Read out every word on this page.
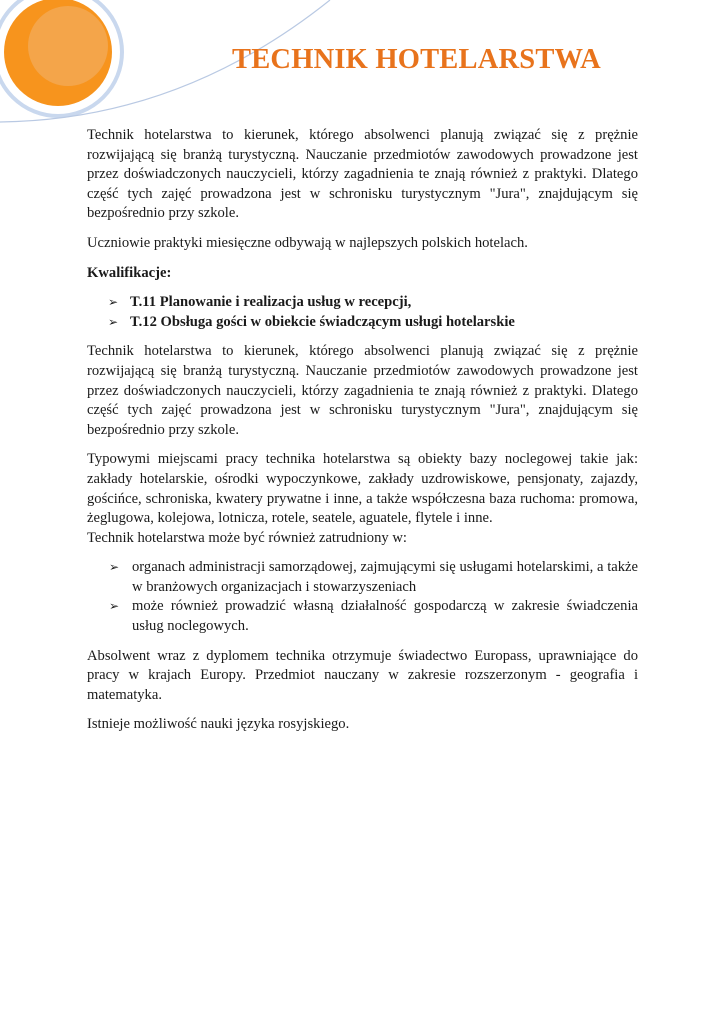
TECHNIK HOTELARSTWA

Technik hotelarstwa to kierunek, którego absolwenci planują związać się z prężnie rozwijającą się branżą turystyczną. Nauczanie przedmiotów zawodowych prowadzone jest przez doświadczonych nauczycieli, którzy zagadnienia te znają również z praktyki. Dlatego część tych zajęć prowadzona jest w schronisku turystycznym "Jura", znajdującym się bezpośrednio przy szkole.

Uczniowie praktyki miesięczne odbywają w najlepszych polskich hotelach.

Kwalifikacje:

➢ T.11 Planowanie i realizacja usług w recepcji,
➢ T.12 Obsługa gości w obiekcie świadczącym usługi hotelarskie

Technik hotelarstwa to kierunek, którego absolwenci planują związać się z prężnie rozwijającą się branżą turystyczną. Nauczanie przedmiotów zawodowych prowadzone jest przez doświadczonych nauczycieli, którzy zagadnienia te znają również z praktyki. Dlatego część tych zajęć prowadzona jest w schronisku turystycznym "Jura", znajdującym się bezpośrednio przy szkole.

Typowymi miejscami pracy technika hotelarstwa są obiekty bazy noclegowej takie jak: zakłady hotelarskie, ośrodki wypoczynkowe, zakłady uzdrowiskowe, pensjonaty, zajazdy, gościńce, schroniska, kwatery prywatne i inne, a także współczesna baza ruchoma: promowa, żeglugowa, kolejowa, lotnicza, rotele, seatele, aguatele, flytele i inne.

Technik hotelarstwa może być również zatrudniony w:

➢ organach administracji samorządowej, zajmującymi się usługami hotelarskimi, a także w branżowych organizacjach i stowarzyszeniach
➢ może również prowadzić własną działalność gospodarczą w zakresie świadczenia usług noclegowych.

Absolwent wraz z dyplomem technika otrzymuje świadectwo Europass, uprawniające do pracy w krajach Europy. Przedmiot nauczany w zakresie rozszerzonym - geografia i matematyka.

Istnieje możliwość nauki języka rosyjskiego.
